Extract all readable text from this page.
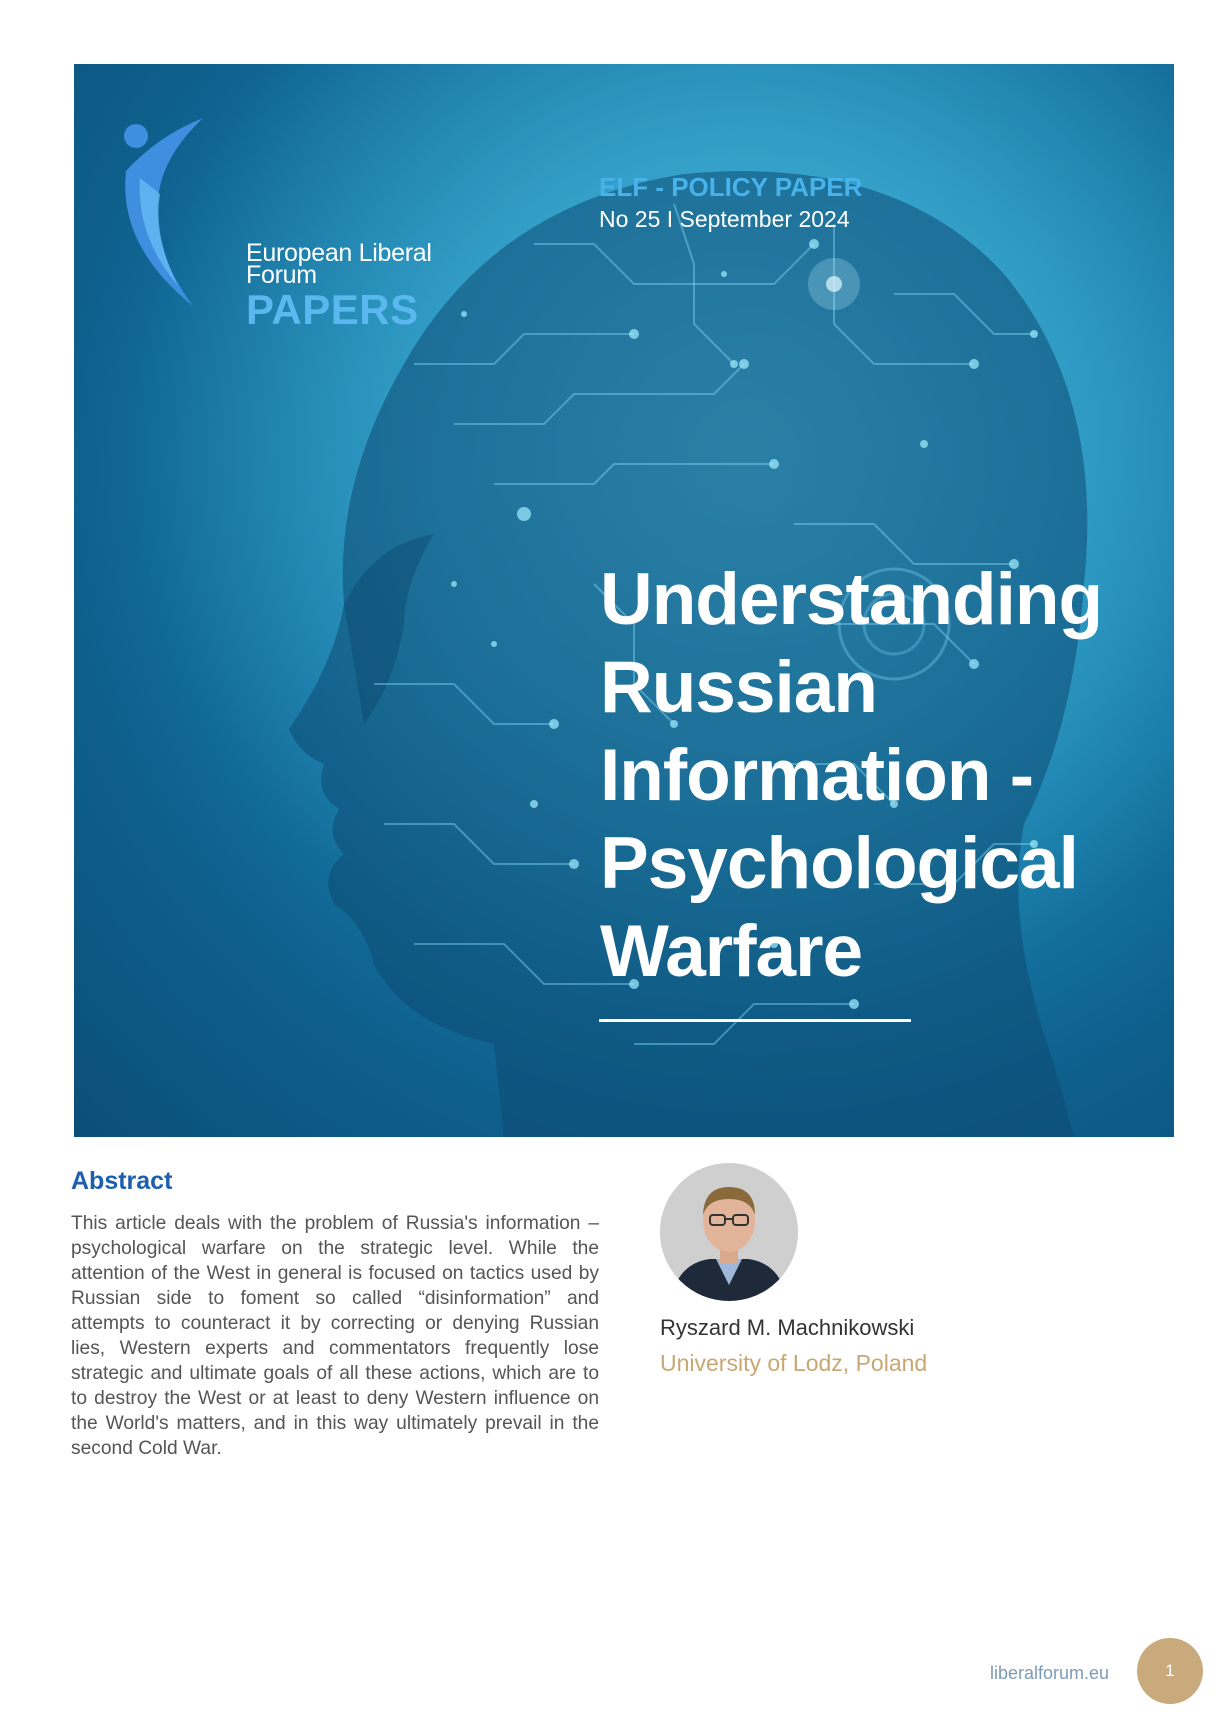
European Liberal
Forum
PAPERS
ELF - POLICY PAPER
No 25 I September 2024
Understanding
Russian
Information -
Psychological
Warfare
Abstract

This article deals with the problem of Russia's information – psychological warfare on the strategic level. While the attention of the West in general is focused on tactics used by Russian side to foment so called “disinformation” and attempts to counteract it by correcting or denying Russian lies, Western experts and commentators frequently lose strategic and ultimate goals of all these actions, which are to to destroy the West or at least to deny Western influence on the World's matters, and in this way ultimately prevail in the second Cold War.

Ryszard M. Machnikowski
University of Lodz, Poland
liberalforum.eu	1
